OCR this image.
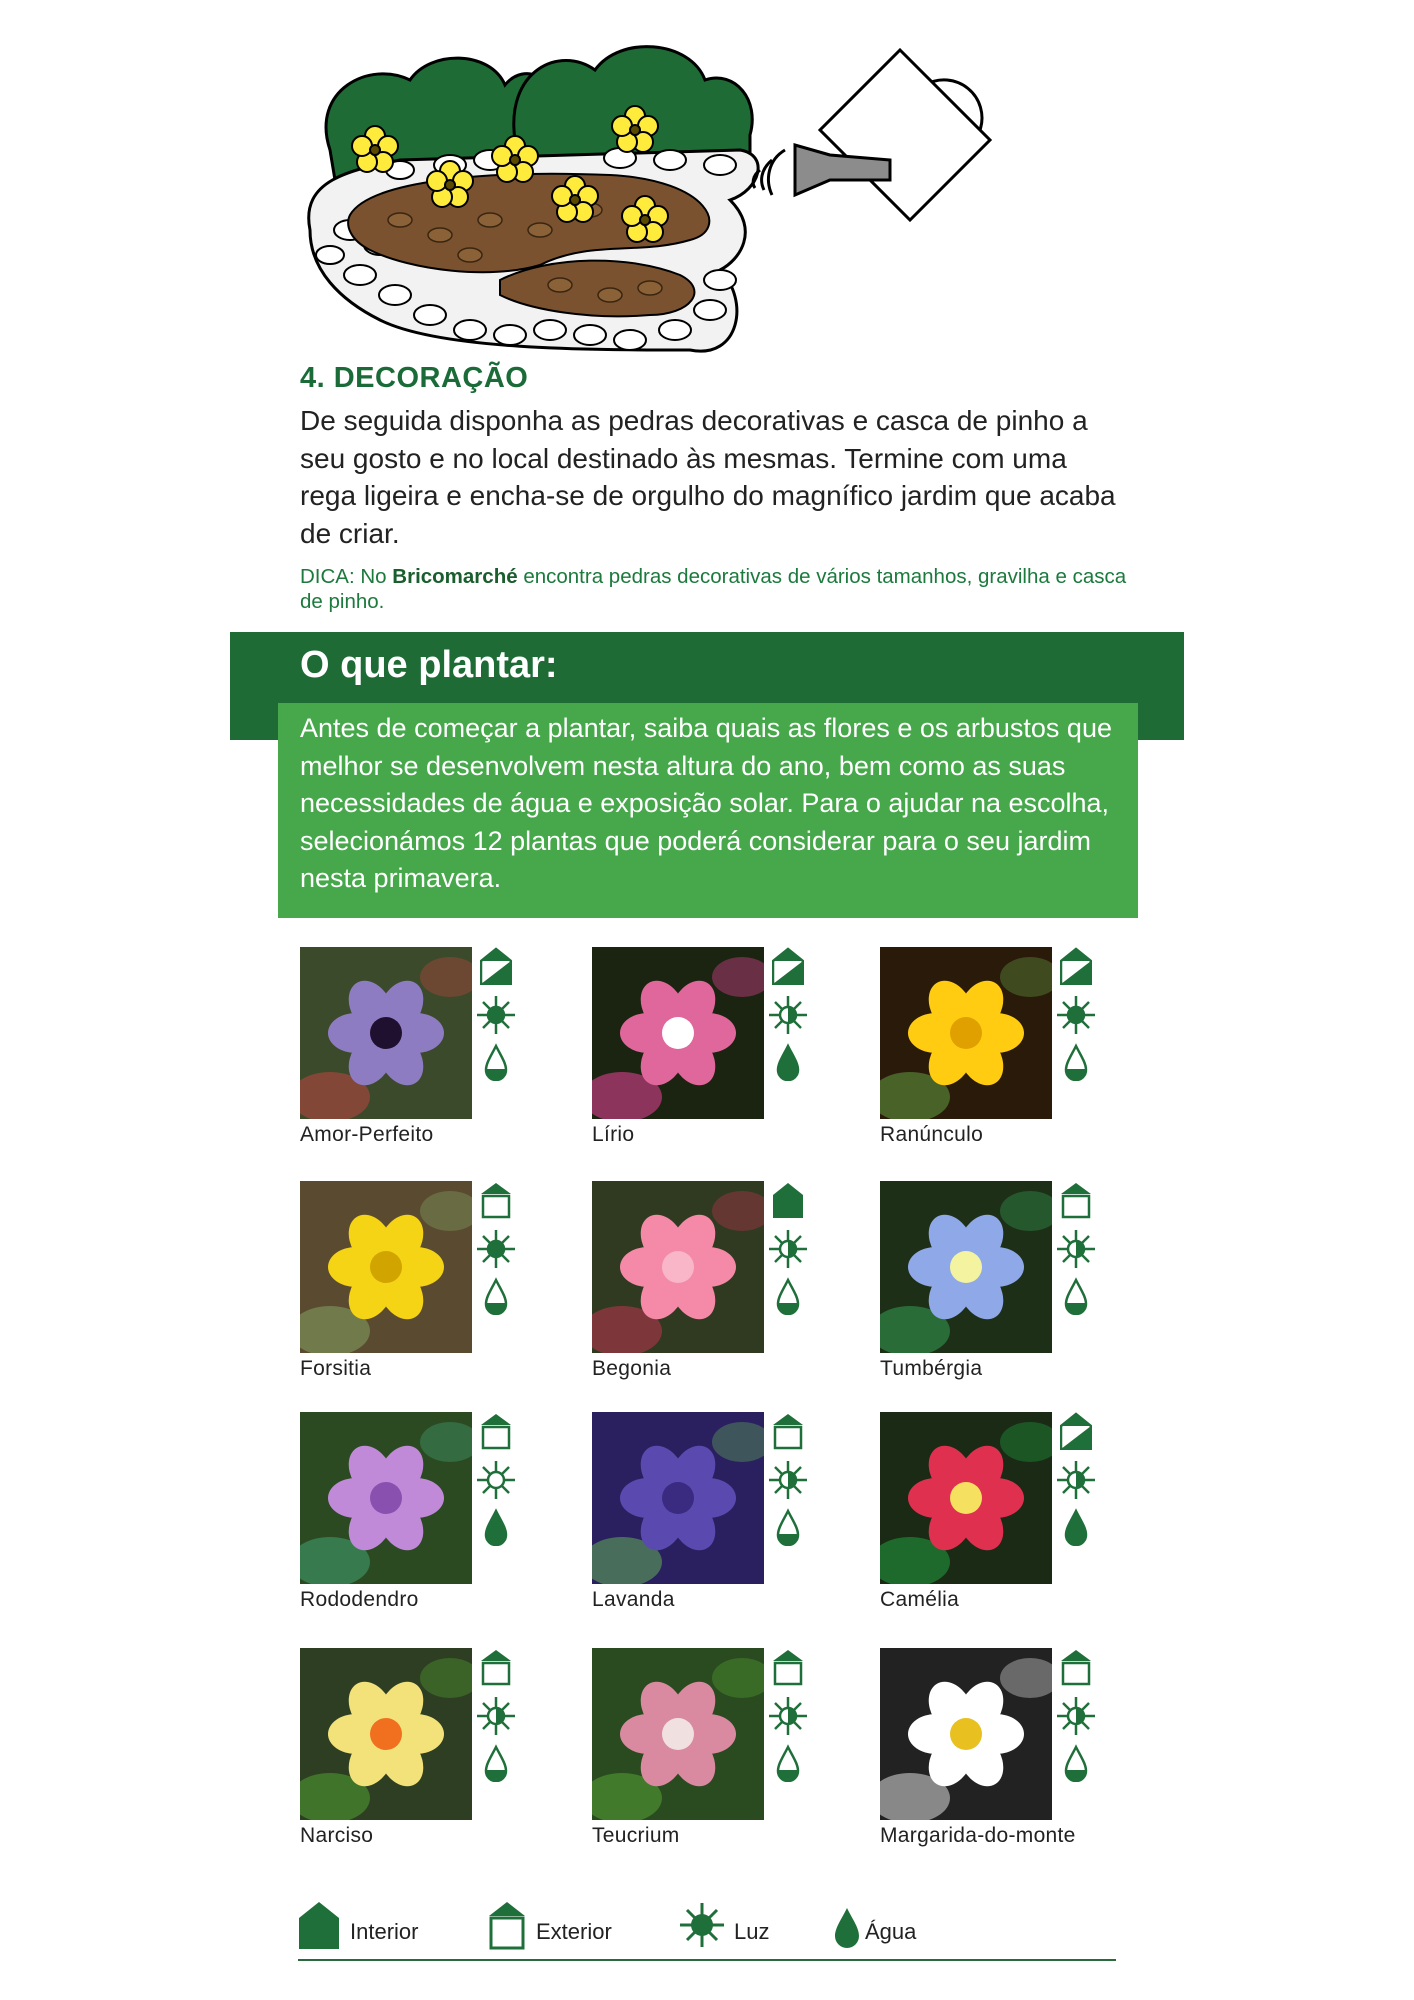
4. DECORAÇÃO
De seguida disponha as pedras decorativas e casca de pinho a seu gosto e no local destinado às mesmas. Termine com uma rega ligeira e encha-se de orgulho do magnífico jardim que acaba de criar.
DICA: No Bricomarché encontra pedras decorativas de vários tamanhos, gravilha e casca de pinho.
O que plantar:
Antes de começar a plantar, saiba quais as flores e os arbustos que melhor se desenvolvem nesta altura do ano, bem como as suas necessidades de água e exposição solar. Para o ajudar na escolha, selecionámos 12 plantas que poderá considerar para o seu jardim nesta primavera.
Amor-Perfeito	Lírio	Ranúnculo
Forsitia	Begonia	Tumbérgia
Rododendro	Lavanda	Camélia
Narciso	Teucrium	Margarida-do-monte
Interior	Exterior	Luz	Água
